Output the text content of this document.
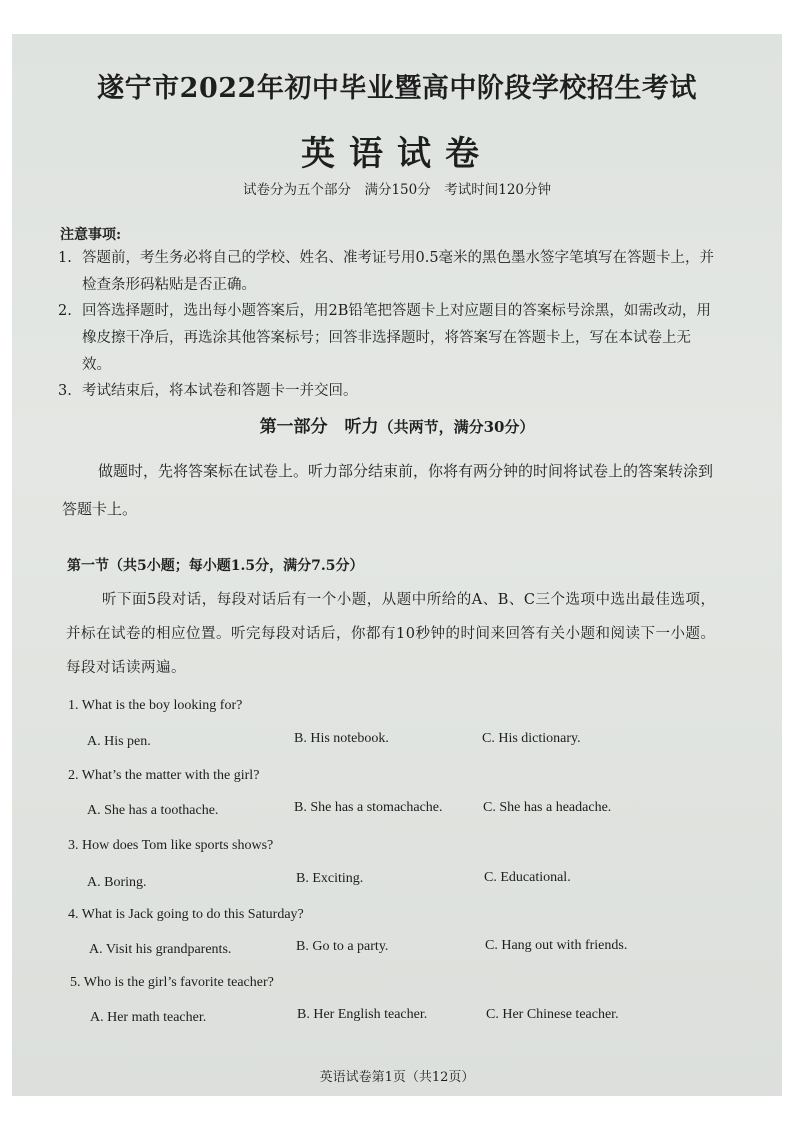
遂宁市2022年初中毕业暨高中阶段学校招生考试
英语试卷
试卷分为五个部分　满分150分　考试时间120分钟
注意事项:
1. 答题前，考生务必将自己的学校、姓名、准考证号用0.5毫米的黑色墨水签字笔填写在答题卡上，并检查条形码粘贴是否正确。
2. 回答选择题时，选出每小题答案后，用2B铅笔把答题卡上对应题目的答案标号涂黑，如需改动，用橡皮擦干净后，再选涂其他答案标号；回答非选择题时，将答案写在答题卡上，写在本试卷上无效。
3. 考试结束后，将本试卷和答题卡一并交回。
第一部分　听力（共两节，满分30分）
做题时，先将答案标在试卷上。听力部分结束前，你将有两分钟的时间将试卷上的答案转涂到答题卡上。
第一节（共5小题；每小题1.5分，满分7.5分）
听下面5段对话，每段对话后有一个小题，从题中所给的A、B、C三个选项中选出最佳选项，并标在试卷的相应位置。听完每段对话后，你都有10秒钟的时间来回答有关小题和阅读下一小题。每段对话读两遍。
1. What is the boy looking for?
A. His pen.	B. His notebook.	C. His dictionary.
2. What’s the matter with the girl?
A. She has a toothache.	B. She has a stomachache.	C. She has a headache.
3. How does Tom like sports shows?
A. Boring.	B. Exciting.	C. Educational.
4. What is Jack going to do this Saturday?
A. Visit his grandparents.	B. Go to a party.	C. Hang out with friends.
5. Who is the girl’s favorite teacher?
A. Her math teacher.	B. Her English teacher.	C. Her Chinese teacher.
英语试卷第1页（共12页）
